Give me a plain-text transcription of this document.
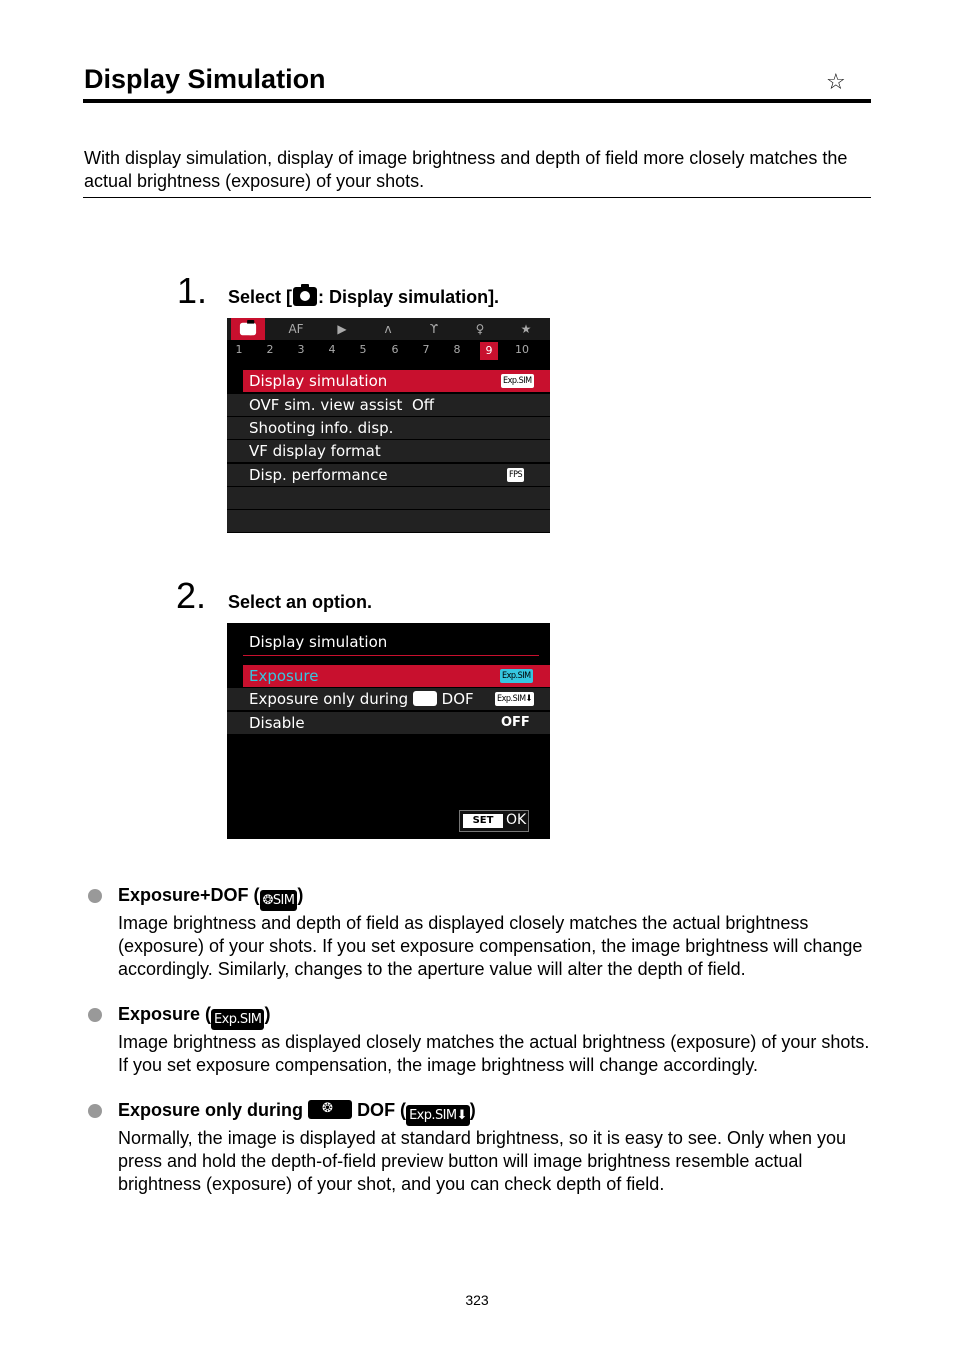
Display Simulation	☆
With display simulation, display of image brightness and depth of field more closely matches the actual brightness (exposure) of your shots.
1. Select [ : Display simulation].
AF	▶	ʌ	ϒ	♀	★
1	2	3	4	5	6	7	8	9	10
Display simulation	Exp.SIM
OVF sim. view assist Off
Shooting info. disp.
VF display format
Disp. performance	FPS
2. Select an option.
Display simulation
Exposure	Exp.SIM
Exposure only during DOF	Exp.SIM⬇
Disable	OFF
SET OK
Exposure+DOF ( ❂SIM )
Image brightness and depth of field as displayed closely matches the actual brightness (exposure) of your shots. If you set exposure compensation, the image brightness will change accordingly. Similarly, changes to the aperture value will alter the depth of field.
Exposure ( Exp.SIM )
Image brightness as displayed closely matches the actual brightness (exposure) of your shots. If you set exposure compensation, the image brightness will change accordingly.
Exposure only during ❂ DOF ( Exp.SIM⬇ )
Normally, the image is displayed at standard brightness, so it is easy to see. Only when you press and hold the depth-of-field preview button will image brightness resemble actual brightness (exposure) of your shot, and you can check depth of field.
323
